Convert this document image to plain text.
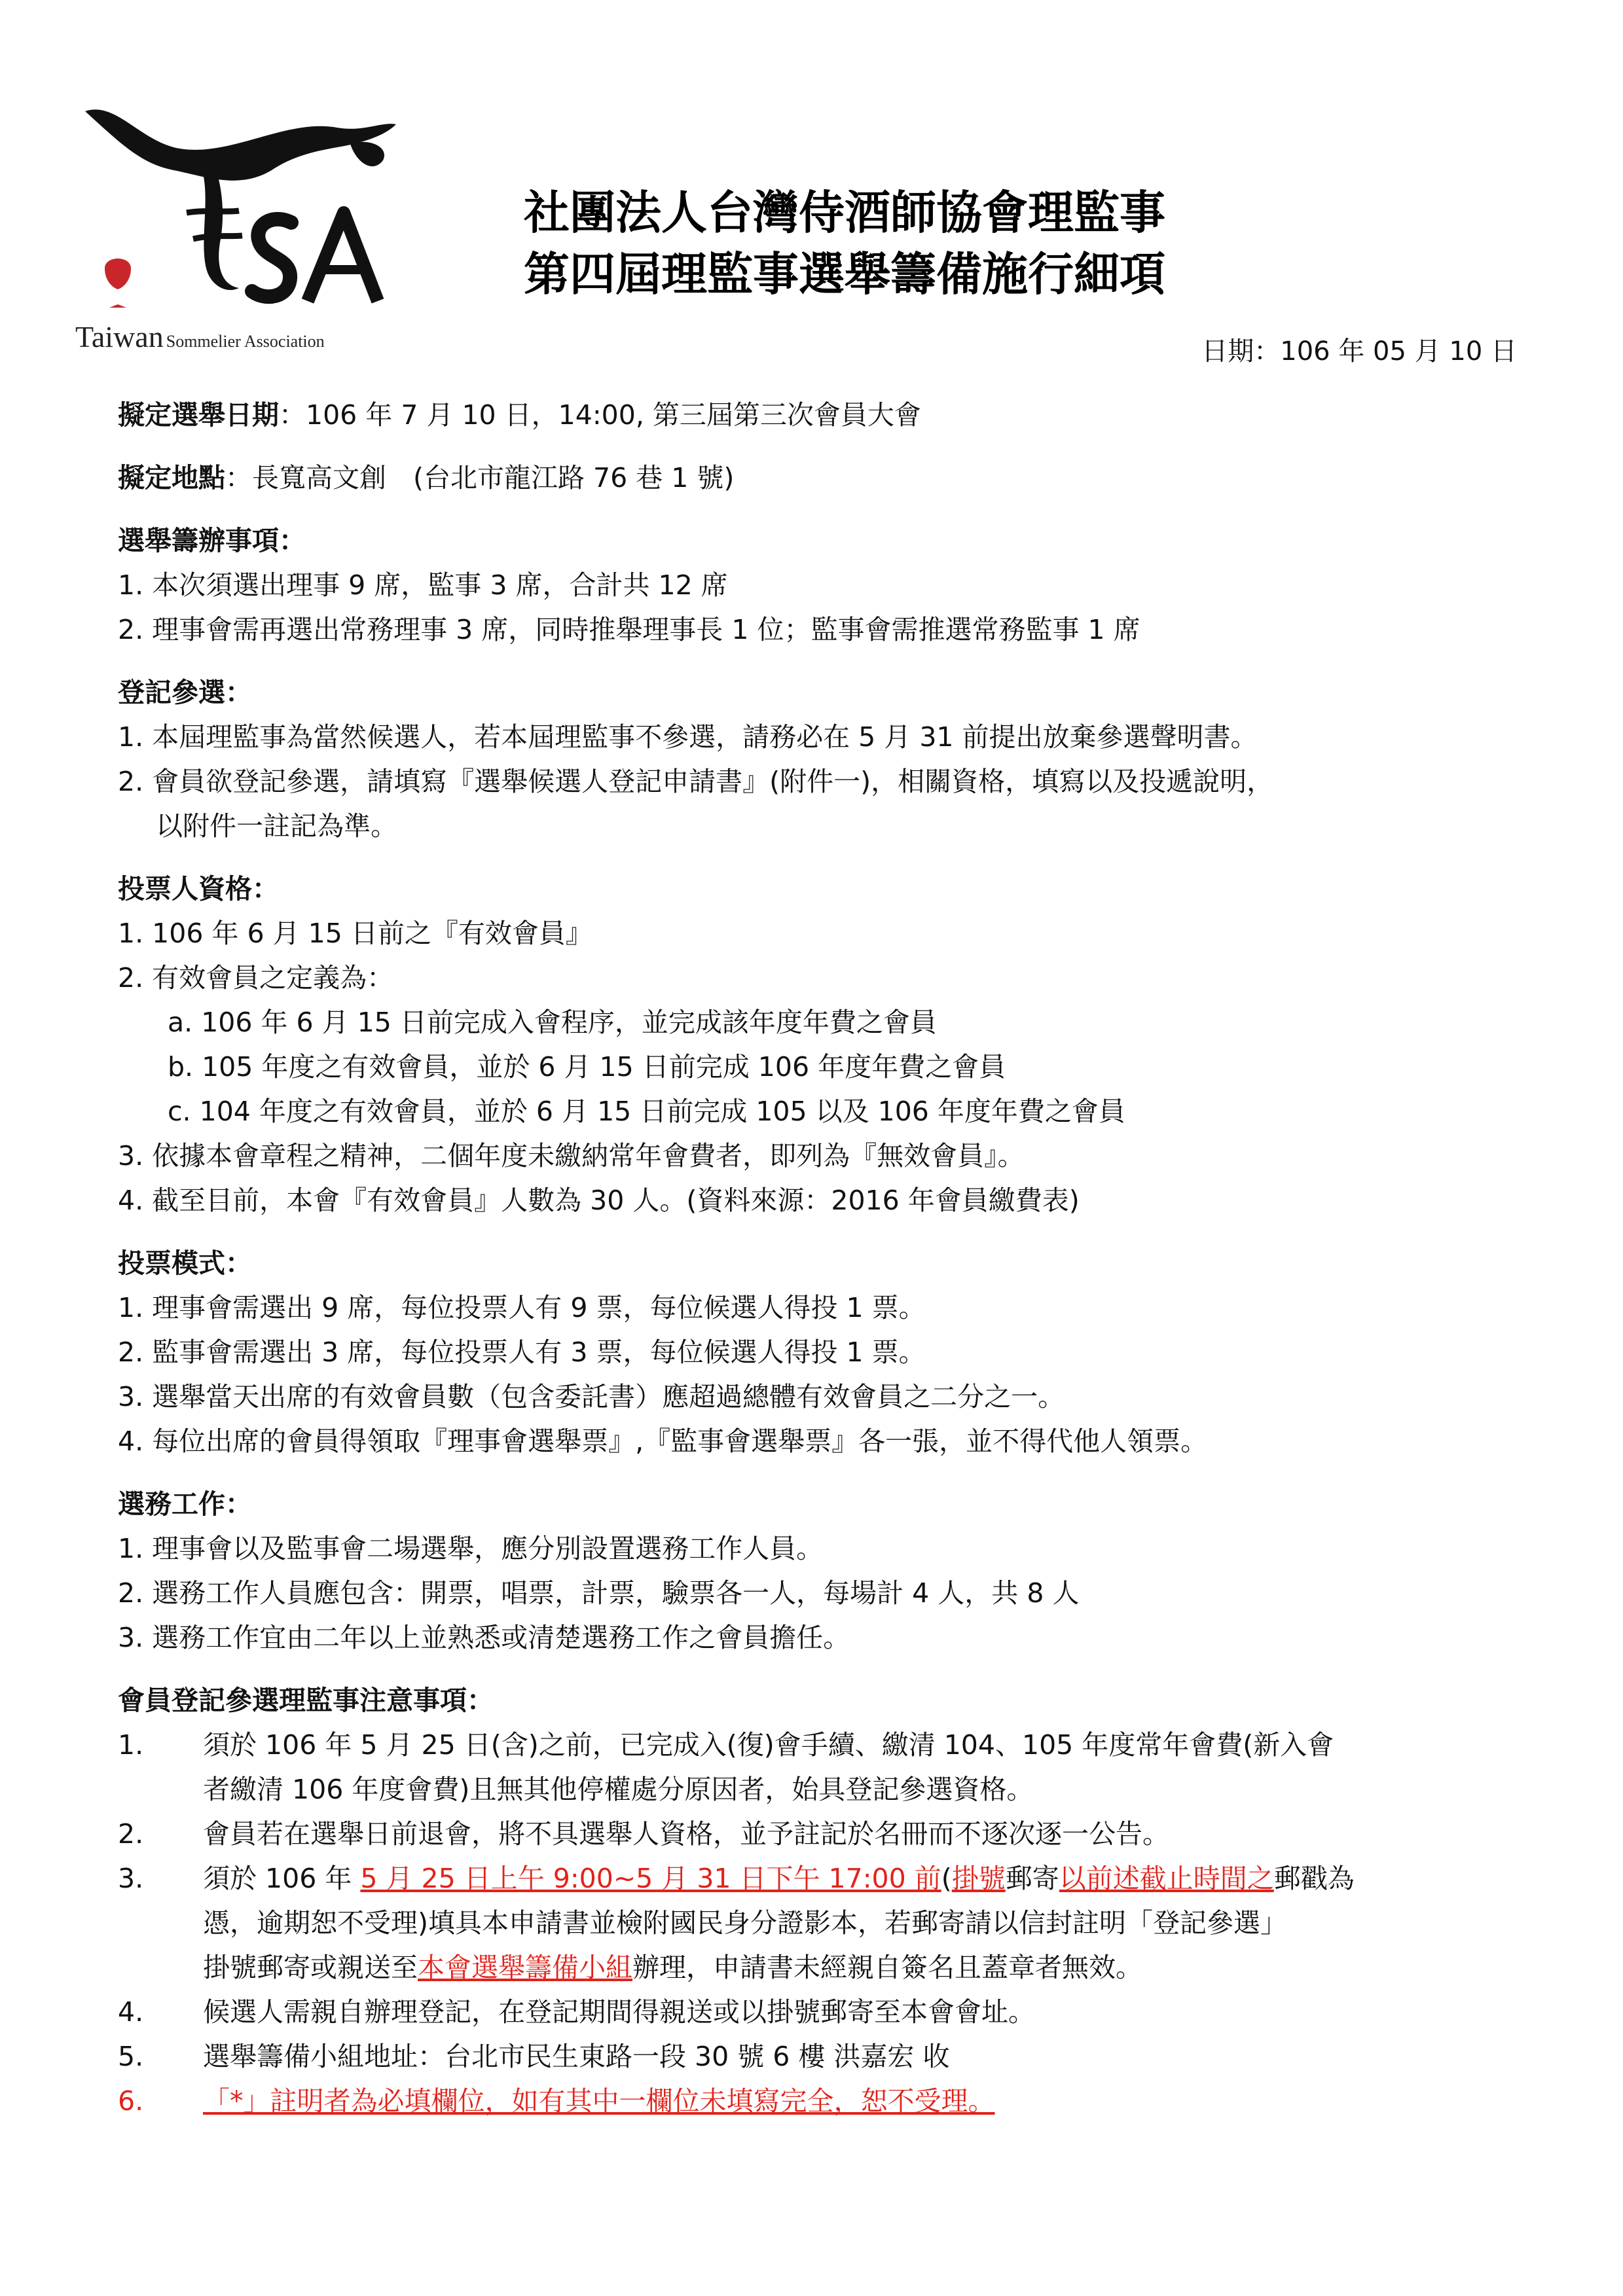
Taiwan Sommelier Association
社團法人台灣侍酒師協會理監事
第四屆理監事選舉籌備施行細項
日期：106 年 05 月 10 日
擬定選舉日期：106 年 7 月 10 日，14:00, 第三屆第三次會員大會
擬定地點：長寬高文創　(台北市龍江路 76 巷 1 號)
選舉籌辦事項：
1. 本次須選出理事 9 席，監事 3 席，合計共 12 席
2. 理事會需再選出常務理事 3 席，同時推舉理事長 1 位；監事會需推選常務監事 1 席
登記參選：
1. 本屆理監事為當然候選人，若本屆理監事不參選，請務必在 5 月 31 前提出放棄參選聲明書。
2. 會員欲登記參選，請填寫『選舉候選人登記申請書』(附件一)，相關資格，填寫以及投遞說明，
以附件一註記為準。
投票人資格：
1. 106 年 6 月 15 日前之『有效會員』
2. 有效會員之定義為：
a. 106 年 6 月 15 日前完成入會程序，並完成該年度年費之會員
b. 105 年度之有效會員，並於 6 月 15 日前完成 106 年度年費之會員
c. 104 年度之有效會員，並於 6 月 15 日前完成 105 以及 106 年度年費之會員
3. 依據本會章程之精神，二個年度未繳納常年會費者，即列為『無效會員』。
4. 截至目前，本會『有效會員』人數為 30 人。(資料來源：2016 年會員繳費表)
投票模式：
1. 理事會需選出 9 席，每位投票人有 9 票，每位候選人得投 1 票。
2. 監事會需選出 3 席，每位投票人有 3 票，每位候選人得投 1 票。
3. 選舉當天出席的有效會員數（包含委託書）應超過總體有效會員之二分之一。
4. 每位出席的會員得領取『理事會選舉票』,『監事會選舉票』各一張，並不得代他人領票。
選務工作：
1. 理事會以及監事會二場選舉，應分別設置選務工作人員。
2. 選務工作人員應包含：開票，唱票，計票，驗票各一人，每場計 4 人，共 8 人
3. 選務工作宜由二年以上並熟悉或清楚選務工作之會員擔任。
會員登記參選理監事注意事項：
1.	須於 106 年 5 月 25 日(含)之前，已完成入(復)會手續、繳清 104、105 年度常年會費(新入會
者繳清 106 年度會費)且無其他停權處分原因者，始具登記參選資格。
2.	會員若在選舉日前退會，將不具選舉人資格，並予註記於名冊而不逐次逐一公告。
3.	須於 106 年 5 月 25 日上午 9:00~5 月 31 日下午 17:00 前(掛號郵寄以前述截止時間之郵戳為
憑，逾期恕不受理)填具本申請書並檢附國民身分證影本，若郵寄請以信封註明「登記參選」
掛號郵寄或親送至本會選舉籌備小組辦理，申請書未經親自簽名且蓋章者無效。
4.	候選人需親自辦理登記，在登記期間得親送或以掛號郵寄至本會會址。
5.	選舉籌備小組地址：台北市民生東路一段 30 號 6 樓 洪嘉宏 收
6.	「*」註明者為必填欄位，如有其中一欄位未填寫完全，恕不受理。
